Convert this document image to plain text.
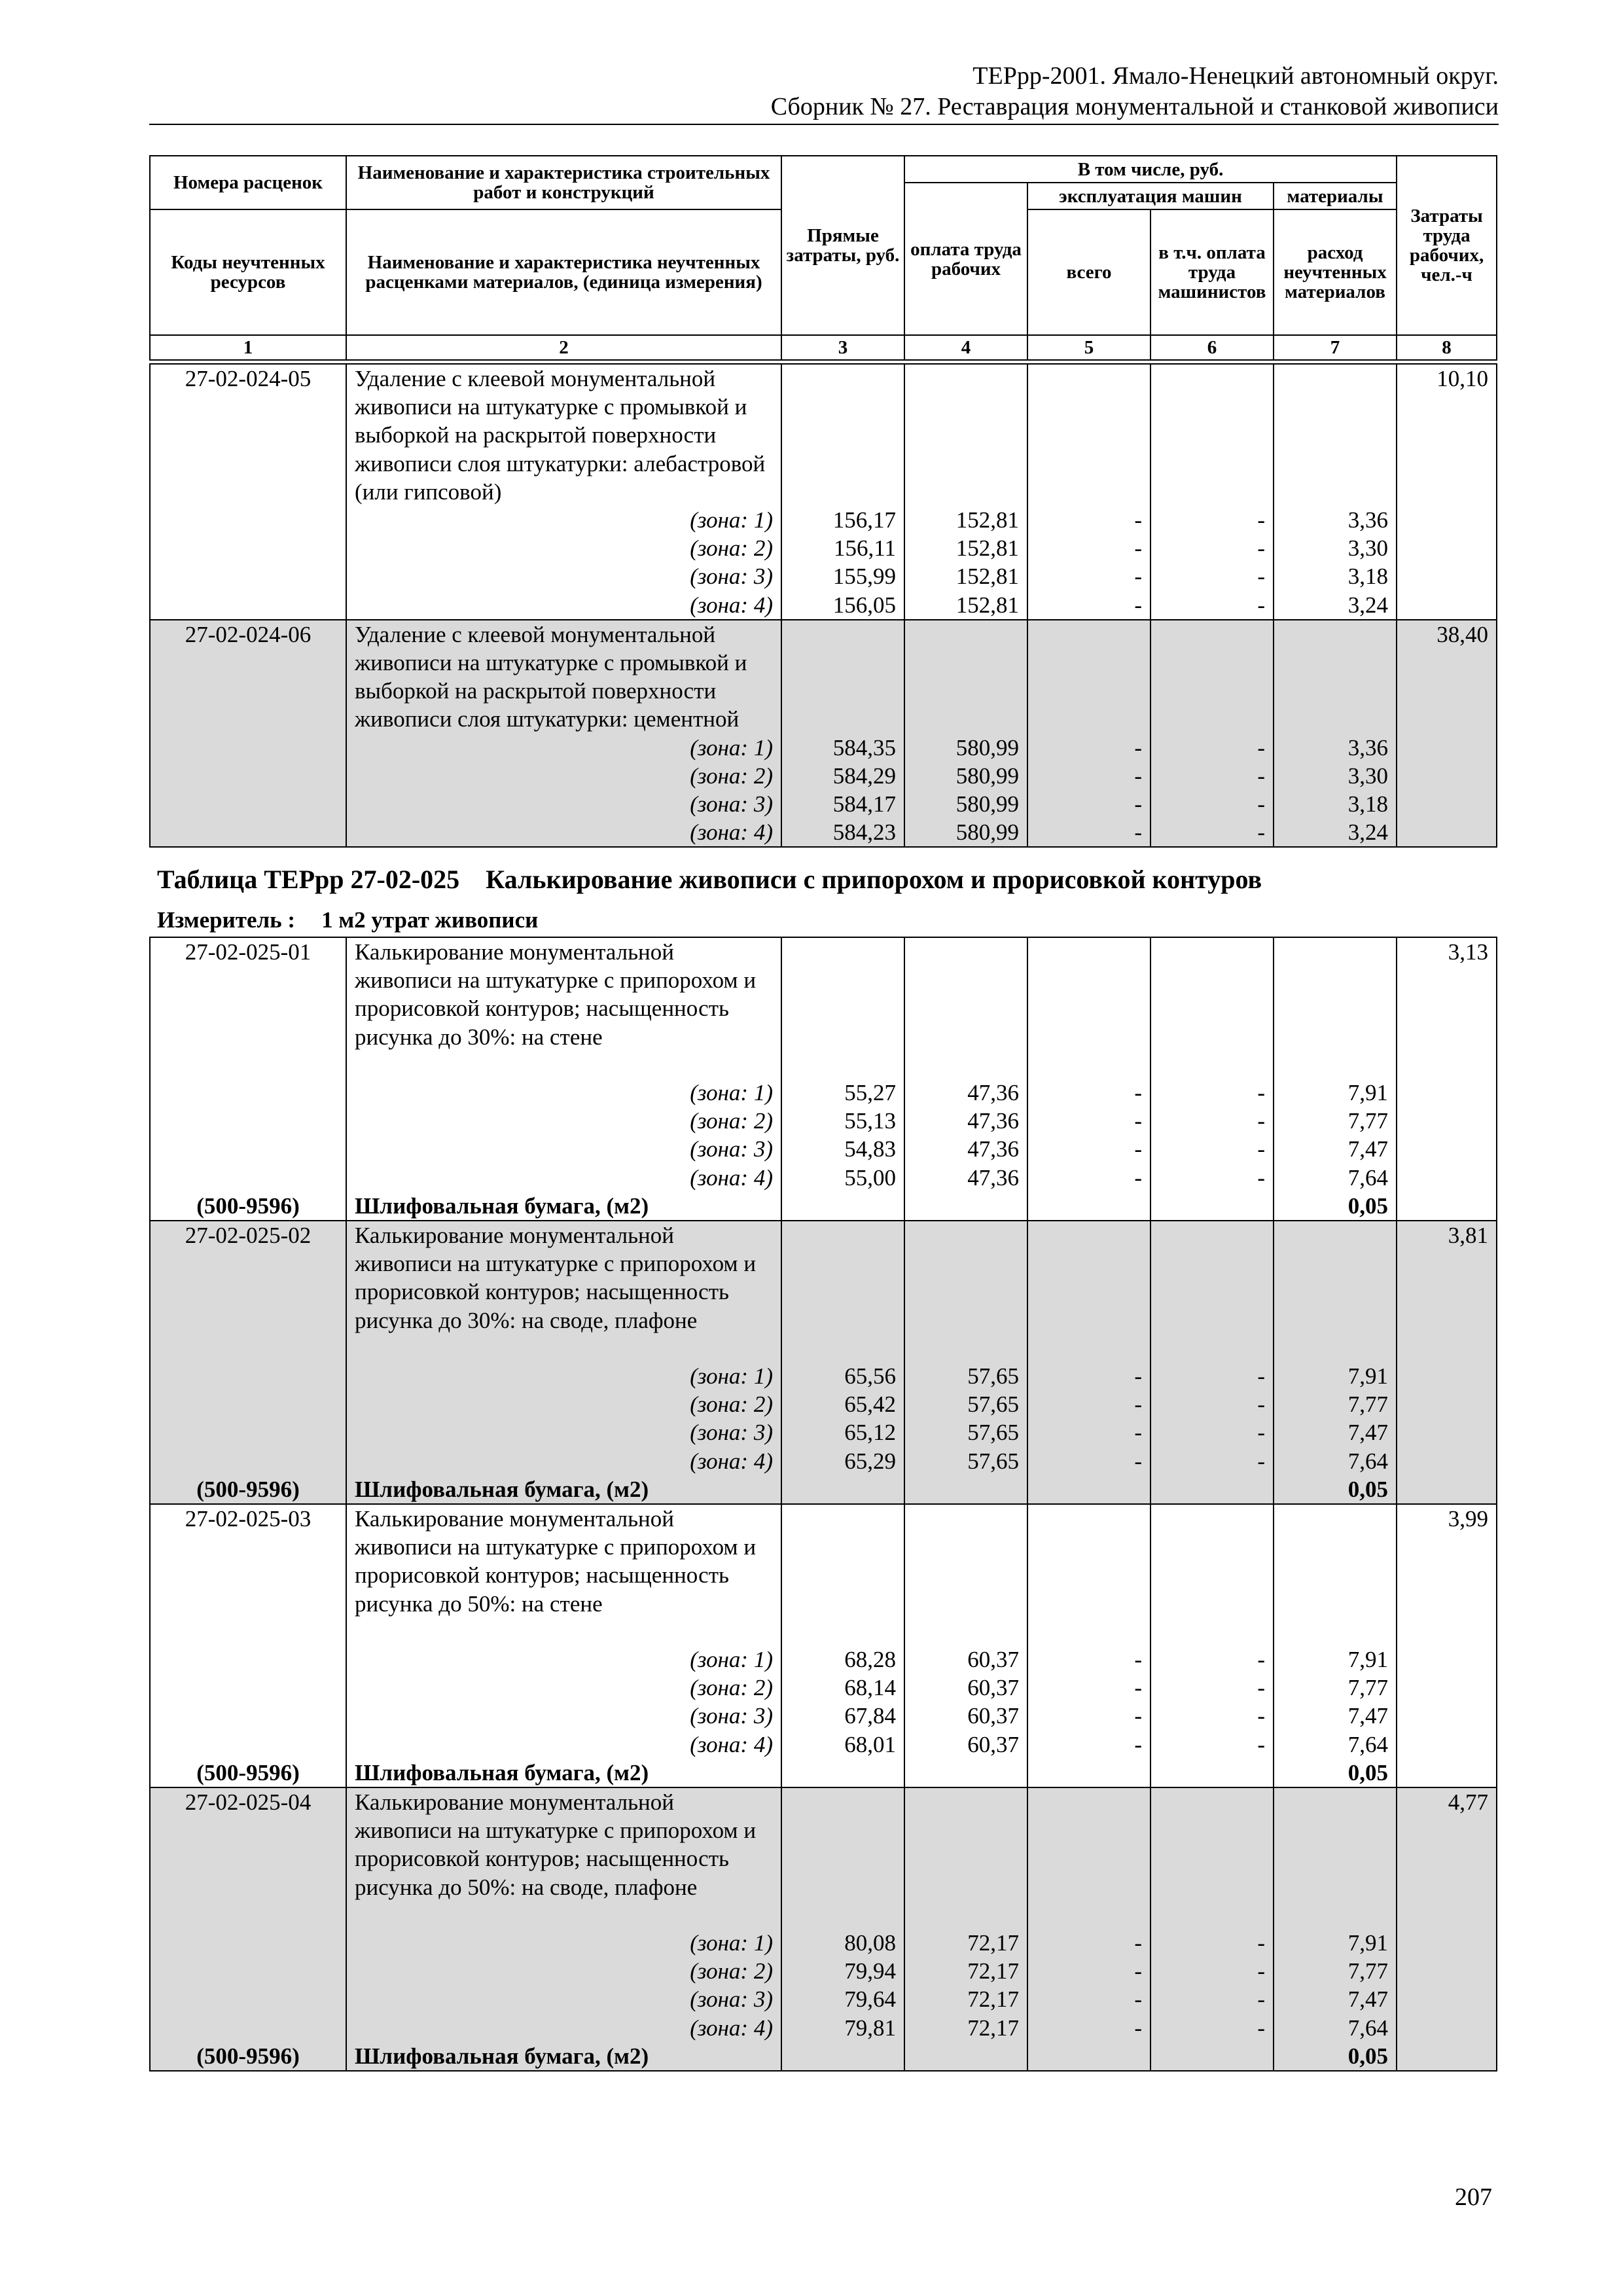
ТЕРрр-2001. Ямало-Ненецкий автономный округ.
Сборник № 27. Реставрация монументальной и станковой живописи
Номера расценок	Наименование и характеристика строительных работ и конструкций	Прямые затраты, руб.	В том числе, руб.				Затраты труда рабочих, чел.-ч
			оплата труда рабочих	эксплуатация машин		материалы	
Коды неучтенных ресурсов	Наименование и характеристика неучтенных расценками материалов, (единица измерения)			всего	в т.ч. оплата труда машинистов	расход неучтенных материалов	

1	2	3	4	5	6	7	8
27-02-024-05	Удаление с клеевой монументальной живописи на штукатурке с промывкой и выборкой на раскрытой поверхности живописи слоя штукатурки: алебастровой (или гипсовой)						10,10
	(зона: 1)	156,17	152,81	-	-	3,36	
	(зона: 2)	156,11	152,81	-	-	3,30	
	(зона: 3)	155,99	152,81	-	-	3,18	
	(зона: 4)	156,05	152,81	-	-	3,24	
27-02-024-06	Удаление с клеевой монументальной живописи на штукатурке с промывкой и выборкой на раскрытой поверхности живописи слоя штукатурки: цементной						38,40
	(зона: 1)	584,35	580,99	-	-	3,36	
	(зона: 2)	584,29	580,99	-	-	3,30	
	(зона: 3)	584,17	580,99	-	-	3,18	
	(зона: 4)	584,23	580,99	-	-	3,24	
Таблица ТЕРрр 27-02-025 Калькирование живописи с припорохом и прорисовкой контуров
Измеритель : 1 м2 утрат живописи
27-02-025-01	Калькирование монументальной живописи на штукатурке с припорохом и прорисовкой контуров; насыщенность рисунка до 30%: на стене						3,13
	(зона: 1)	55,27	47,36	-	-	7,91	
	(зона: 2)	55,13	47,36	-	-	7,77	
	(зона: 3)	54,83	47,36	-	-	7,47	
	(зона: 4)	55,00	47,36	-	-	7,64	
(500-9596)	Шлифовальная бумага, (м2)					0,05	
27-02-025-02	Калькирование монументальной живописи на штукатурке с припорохом и прорисовкой контуров; насыщенность рисунка до 30%: на своде, плафоне						3,81
	(зона: 1)	65,56	57,65	-	-	7,91	
	(зона: 2)	65,42	57,65	-	-	7,77	
	(зона: 3)	65,12	57,65	-	-	7,47	
	(зона: 4)	65,29	57,65	-	-	7,64	
(500-9596)	Шлифовальная бумага, (м2)					0,05	
27-02-025-03	Калькирование монументальной живописи на штукатурке с припорохом и прорисовкой контуров; насыщенность рисунка до 50%: на стене						3,99
	(зона: 1)	68,28	60,37	-	-	7,91	
	(зона: 2)	68,14	60,37	-	-	7,77	
	(зона: 3)	67,84	60,37	-	-	7,47	
	(зона: 4)	68,01	60,37	-	-	7,64	
(500-9596)	Шлифовальная бумага, (м2)					0,05	
27-02-025-04	Калькирование монументальной живописи на штукатурке с припорохом и прорисовкой контуров; насыщенность рисунка до 50%: на своде, плафоне						4,77
	(зона: 1)	80,08	72,17	-	-	7,91	
	(зона: 2)	79,94	72,17	-	-	7,77	
	(зона: 3)	79,64	72,17	-	-	7,47	
	(зона: 4)	79,81	72,17	-	-	7,64	
(500-9596)	Шлифовальная бумага, (м2)					0,05	
207
